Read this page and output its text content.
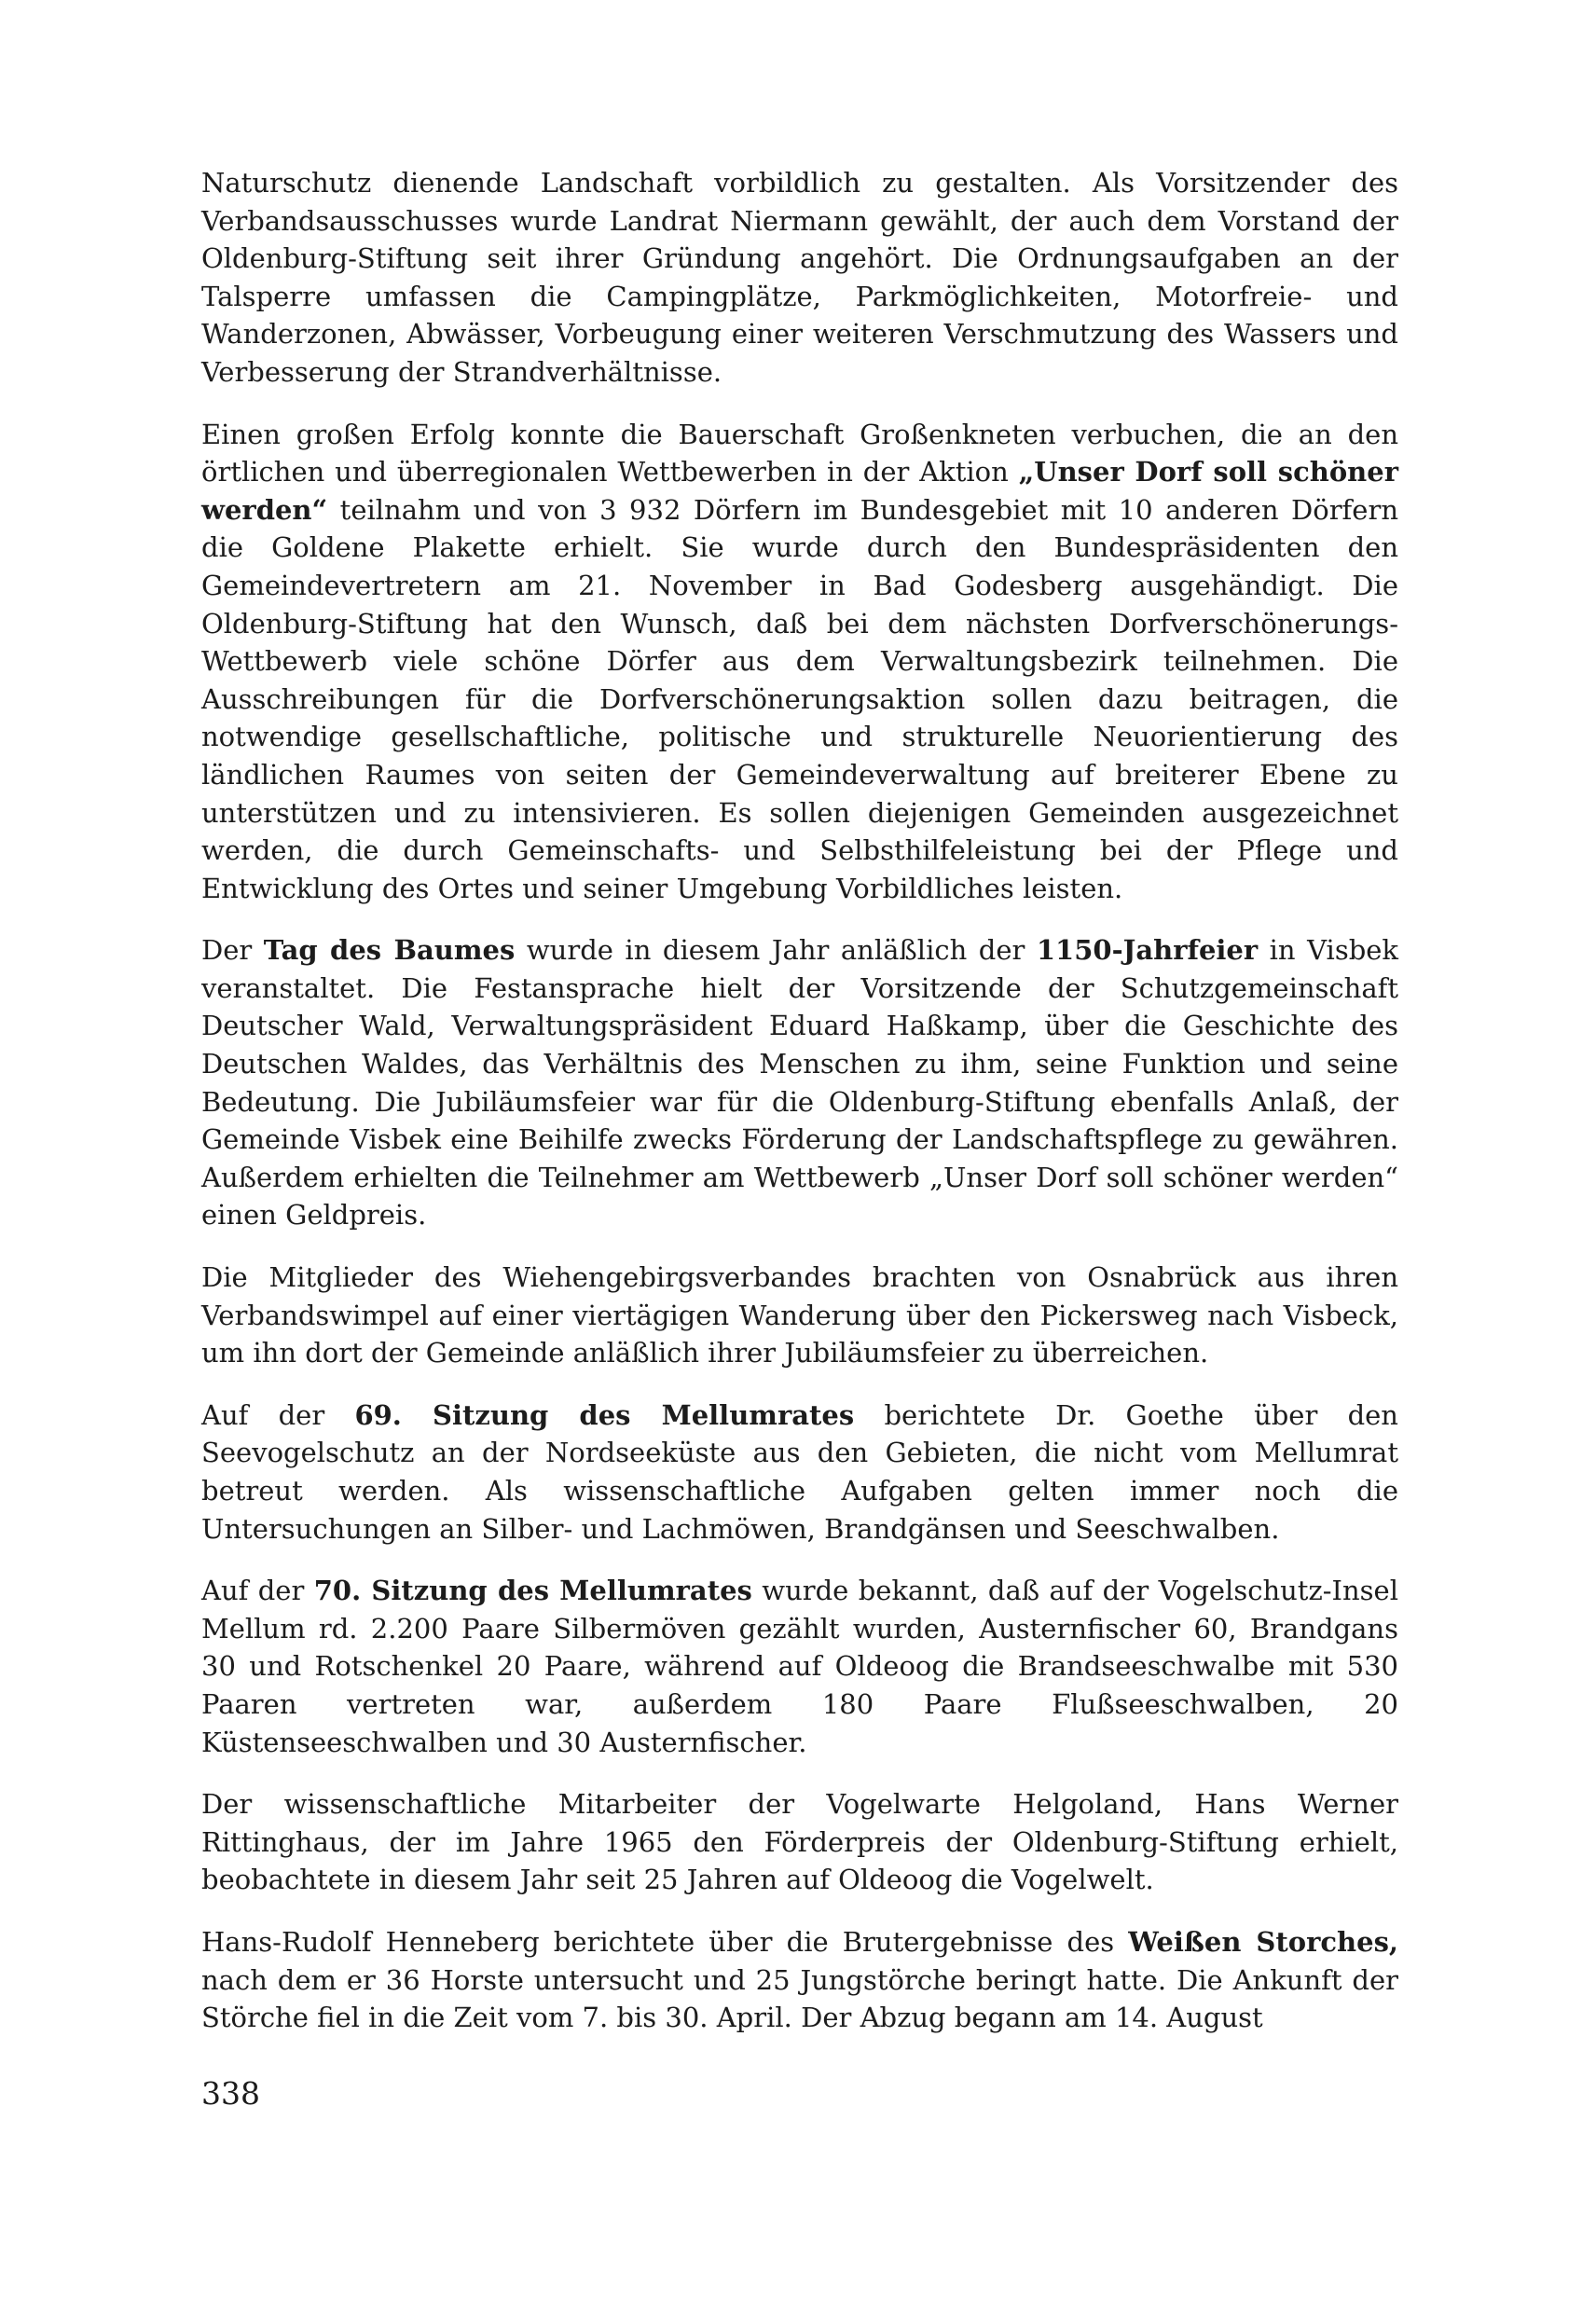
Naturschutz dienende Landschaft vorbildlich zu gestalten. Als Vorsitzender des Verbandsausschusses wurde Landrat Niermann gewählt, der auch dem Vorstand der Oldenburg-Stiftung seit ihrer Gründung angehört. Die Ordnungsaufgaben an der Talsperre umfassen die Campingplätze, Parkmöglichkeiten, Motorfreie- und Wanderzonen, Abwässer, Vorbeugung einer weiteren Verschmutzung des Wassers und Verbesserung der Strandverhältnisse.

Einen großen Erfolg konnte die Bauerschaft Großenkneten verbuchen, die an den örtlichen und überregionalen Wettbewerben in der Aktion „Unser Dorf soll schöner werden“ teilnahm und von 3 932 Dörfern im Bundesgebiet mit 10 anderen Dörfern die Goldene Plakette erhielt. Sie wurde durch den Bundespräsidenten den Gemeindevertretern am 21. November in Bad Godesberg ausgehändigt. Die Oldenburg-Stiftung hat den Wunsch, daß bei dem nächsten Dorfverschönerungs-Wettbewerb viele schöne Dörfer aus dem Verwaltungsbezirk teilnehmen. Die Ausschreibungen für die Dorfverschönerungsaktion sollen dazu beitragen, die notwendige gesellschaftliche, politische und strukturelle Neuorientierung des ländlichen Raumes von seiten der Gemeindeverwaltung auf breiterer Ebene zu unterstützen und zu intensivieren. Es sollen diejenigen Gemeinden ausgezeichnet werden, die durch Gemeinschafts- und Selbsthilfeleistung bei der Pflege und Entwicklung des Ortes und seiner Umgebung Vorbildliches leisten.

Der Tag des Baumes wurde in diesem Jahr anläßlich der 1150-Jahrfeier in Visbek veranstaltet. Die Festansprache hielt der Vorsitzende der Schutzgemeinschaft Deutscher Wald, Verwaltungspräsident Eduard Haßkamp, über die Geschichte des Deutschen Waldes, das Verhältnis des Menschen zu ihm, seine Funktion und seine Bedeutung. Die Jubiläumsfeier war für die Oldenburg-Stiftung ebenfalls Anlaß, der Gemeinde Visbek eine Beihilfe zwecks Förderung der Landschaftspflege zu gewähren. Außerdem erhielten die Teilnehmer am Wettbewerb „Unser Dorf soll schöner werden“ einen Geldpreis.

Die Mitglieder des Wiehengebirgsverbandes brachten von Osnabrück aus ihren Verbandswimpel auf einer viertägigen Wanderung über den Pickersweg nach Visbeck, um ihn dort der Gemeinde anläßlich ihrer Jubiläumsfeier zu überreichen.

Auf der 69. Sitzung des Mellumrates berichtete Dr. Goethe über den Seevogelschutz an der Nordseeküste aus den Gebieten, die nicht vom Mellumrat betreut werden. Als wissenschaftliche Aufgaben gelten immer noch die Untersuchungen an Silber- und Lachmöwen, Brandgänsen und Seeschwalben.

Auf der 70. Sitzung des Mellumrates wurde bekannt, daß auf der Vogelschutz-Insel Mellum rd. 2.200 Paare Silbermöven gezählt wurden, Austernfischer 60, Brandgans 30 und Rotschenkel 20 Paare, während auf Oldeoog die Brandseeschwalbe mit 530 Paaren vertreten war, außerdem 180 Paare Flußseeschwalben, 20 Küstenseeschwalben und 30 Austernfischer.

Der wissenschaftliche Mitarbeiter der Vogelwarte Helgoland, Hans Werner Rittinghaus, der im Jahre 1965 den Förderpreis der Oldenburg-Stiftung erhielt, beobachtete in diesem Jahr seit 25 Jahren auf Oldeoog die Vogelwelt.

Hans-Rudolf Henneberg berichtete über die Brutergebnisse des Weißen Storches, nach dem er 36 Horste untersucht und 25 Jungstörche beringt hatte. Die Ankunft der Störche fiel in die Zeit vom 7. bis 30. April. Der Abzug begann am 14. August

338
